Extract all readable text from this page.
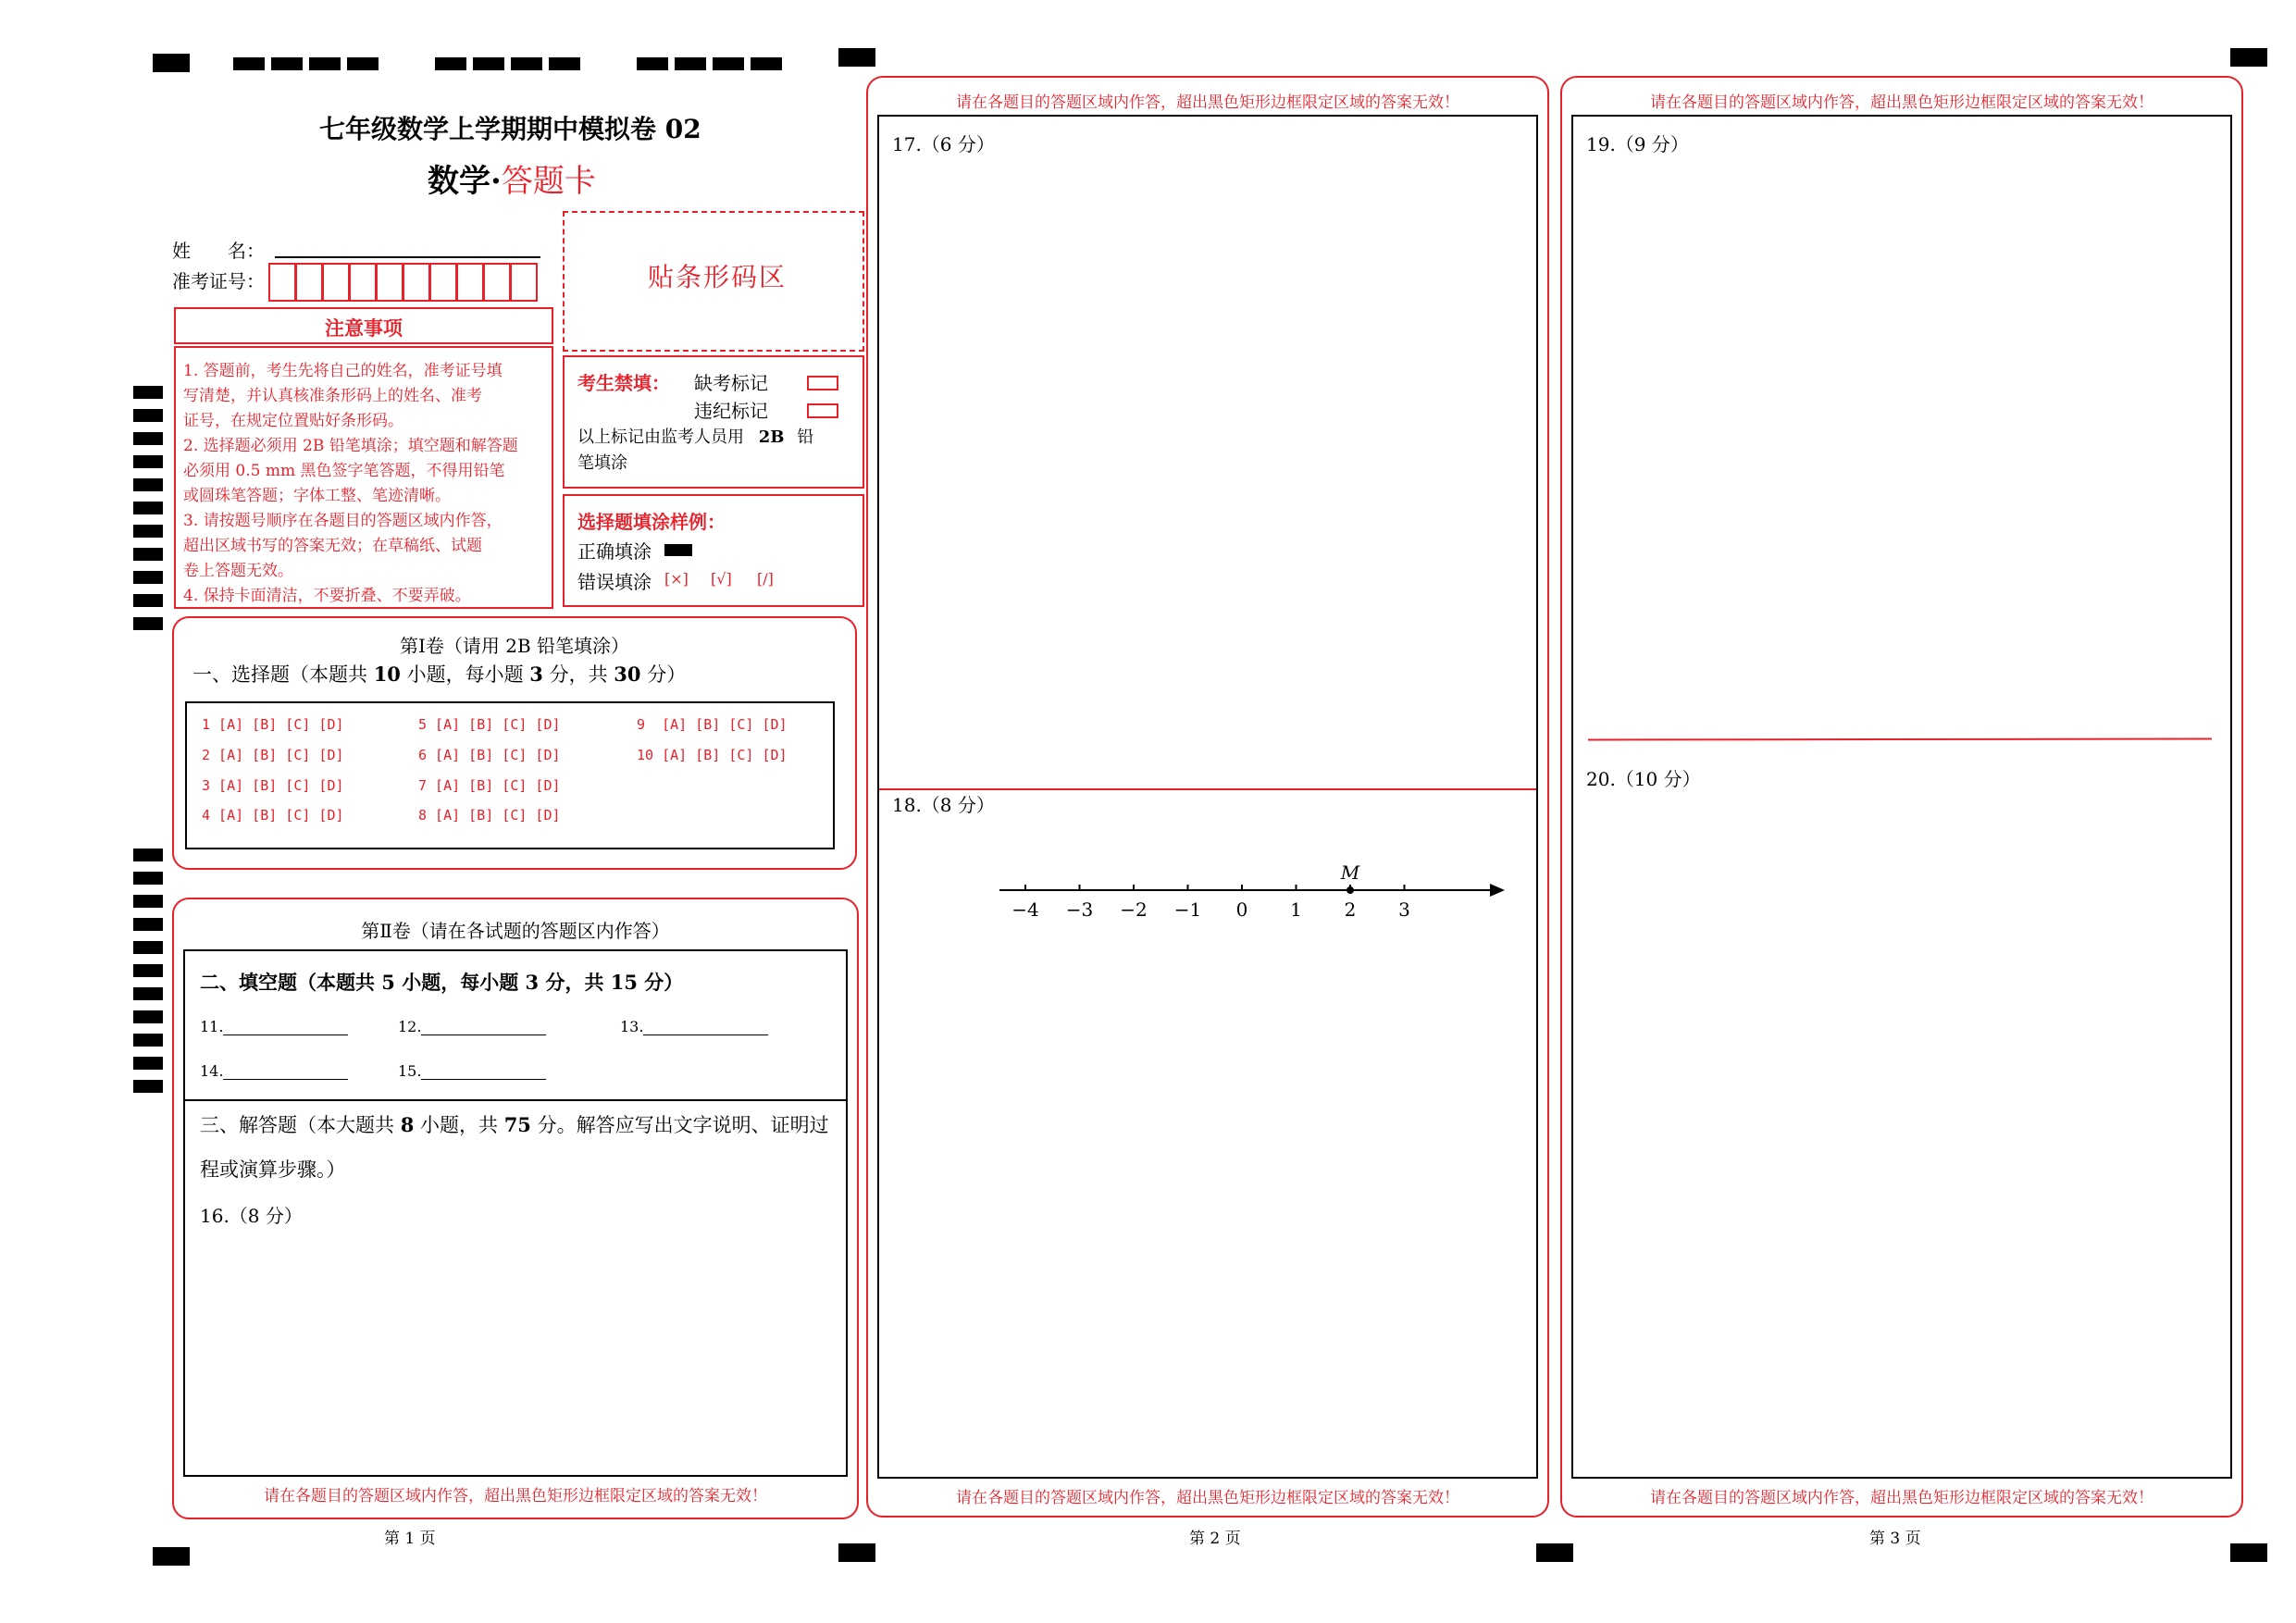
七年级数学上学期期中模拟卷 02
数学·答题卡
姓　　名：
准考证号：	贴条形码区
注意事项
1. 答题前，考生先将自己的姓名，准考证号填
写清楚，并认真核准条形码上的姓名、准考
证号，在规定位置贴好条形码。
2. 选择题必须用 2B 铅笔填涂；填空题和解答题
必须用 0.5 mm 黑色签字笔答题，不得用铅笔
或圆珠笔答题；字体工整、笔迹清晰。
3. 请按题号顺序在各题目的答题区域内作答，
超出区域书写的答案无效；在草稿纸、试题
卷上答题无效。
4. 保持卡面清洁，不要折叠、不要弄破。
考生禁填： 缺考标记
违纪标记
以上标记由监考人员用 2B 铅
笔填涂
选择题填涂样例：
正确填涂
错误填涂 [×] [√] [/]
第Ⅰ卷（请用 2B 铅笔填涂）
一、选择题（本题共 10 小题，每小题 3 分，共 30 分）
1 [A] [B] [C] [D]
2 [A] [B] [C] [D]
3 [A] [B] [C] [D]
4 [A] [B] [C] [D]
5 [A] [B] [C] [D]
6 [A] [B] [C] [D]
7 [A] [B] [C] [D]
8 [A] [B] [C] [D]
9  [A] [B] [C] [D]
10 [A] [B] [C] [D]
第Ⅱ卷（请在各试题的答题区内作答）
二、填空题（本题共 5 小题，每小题 3 分，共 15 分）
11.	12.	13.
14.	15.
三、解答题（本大题共 8 小题，共 75 分。解答应写出文字说明、证明过
程或演算步骤。）
16.（8 分）
请在各题目的答题区域内作答，超出黑色矩形边框限定区域的答案无效！
第 1 页
请在各题目的答题区域内作答，超出黑色矩形边框限定区域的答案无效！
17.（6 分）
18.（8 分）
−4 −3 −2 −1 0 1 2 3
M
请在各题目的答题区域内作答，超出黑色矩形边框限定区域的答案无效！
第 2 页
请在各题目的答题区域内作答，超出黑色矩形边框限定区域的答案无效！
19.（9 分）
20.（10 分）
请在各题目的答题区域内作答，超出黑色矩形边框限定区域的答案无效！
第 3 页
